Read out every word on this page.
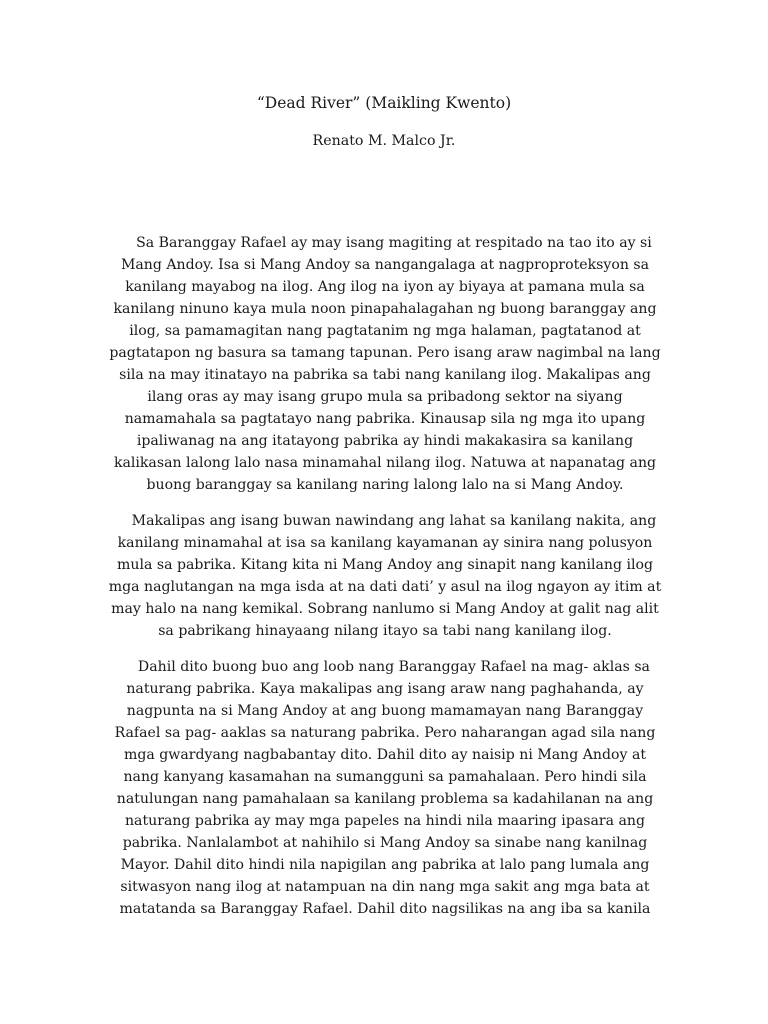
“Dead River” (Maikling Kwento)

Renato M. Malco Jr.

Sa Baranggay Rafael ay may isang magiting at respitado na tao ito ay si
Mang Andoy. Isa si Mang Andoy sa nangangalaga at nagproproteksyon sa
kanilang mayabog na ilog. Ang ilog na iyon ay biyaya at pamana mula sa
kanilang ninuno kaya mula noon pinapahalagahan ng buong baranggay ang
ilog, sa pamamagitan nang pagtatanim ng mga halaman, pagtatanod at
pagtatapon ng basura sa tamang tapunan. Pero isang araw nagimbal na lang
sila na may itinatayo na pabrika sa tabi nang kanilang ilog. Makalipas ang
ilang oras ay may isang grupo mula sa pribadong sektor na siyang
namamahala sa pagtatayo nang pabrika. Kinausap sila ng mga ito upang
ipaliwanag na ang itatayong pabrika ay hindi makakasira sa kanilang
kalikasan lalong lalo nasa minamahal nilang ilog. Natuwa at napanatag ang
buong baranggay sa kanilang naring lalong lalo na si Mang Andoy.
Makalipas ang isang buwan nawindang ang lahat sa kanilang nakita, ang
kanilang minamahal at isa sa kanilang kayamanan ay sinira nang polusyon
mula sa pabrika. Kitang kita ni Mang Andoy ang sinapit nang kanilang ilog
mga naglutangan na mga isda at na dati dati’ y asul na ilog ngayon ay itim at
may halo na nang kemikal. Sobrang nanlumo si Mang Andoy at galit nag alit
sa pabrikang hinayaang nilang itayo sa tabi nang kanilang ilog.
Dahil dito buong buo ang loob nang Baranggay Rafael na mag- aklas sa
naturang pabrika. Kaya makalipas ang isang araw nang paghahanda, ay
nagpunta na si Mang Andoy at ang buong mamamayan nang Baranggay
Rafael sa pag- aaklas sa naturang pabrika. Pero naharangan agad sila nang
mga gwardyang nagbabantay dito. Dahil dito ay naisip ni Mang Andoy at
nang kanyang kasamahan na sumangguni sa pamahalaan. Pero hindi sila
natulungan nang pamahalaan sa kanilang problema sa kadahilanan na ang
naturang pabrika ay may mga papeles na hindi nila maaring ipasara ang
pabrika. Nanlalambot at nahihilo si Mang Andoy sa sinabe nang kanilnag
Mayor. Dahil dito hindi nila napigilan ang pabrika at lalo pang lumala ang
sitwasyon nang ilog at natampuan na din nang mga sakit ang mga bata at
matatanda sa Baranggay Rafael. Dahil dito nagsilikas na ang iba sa kanila
